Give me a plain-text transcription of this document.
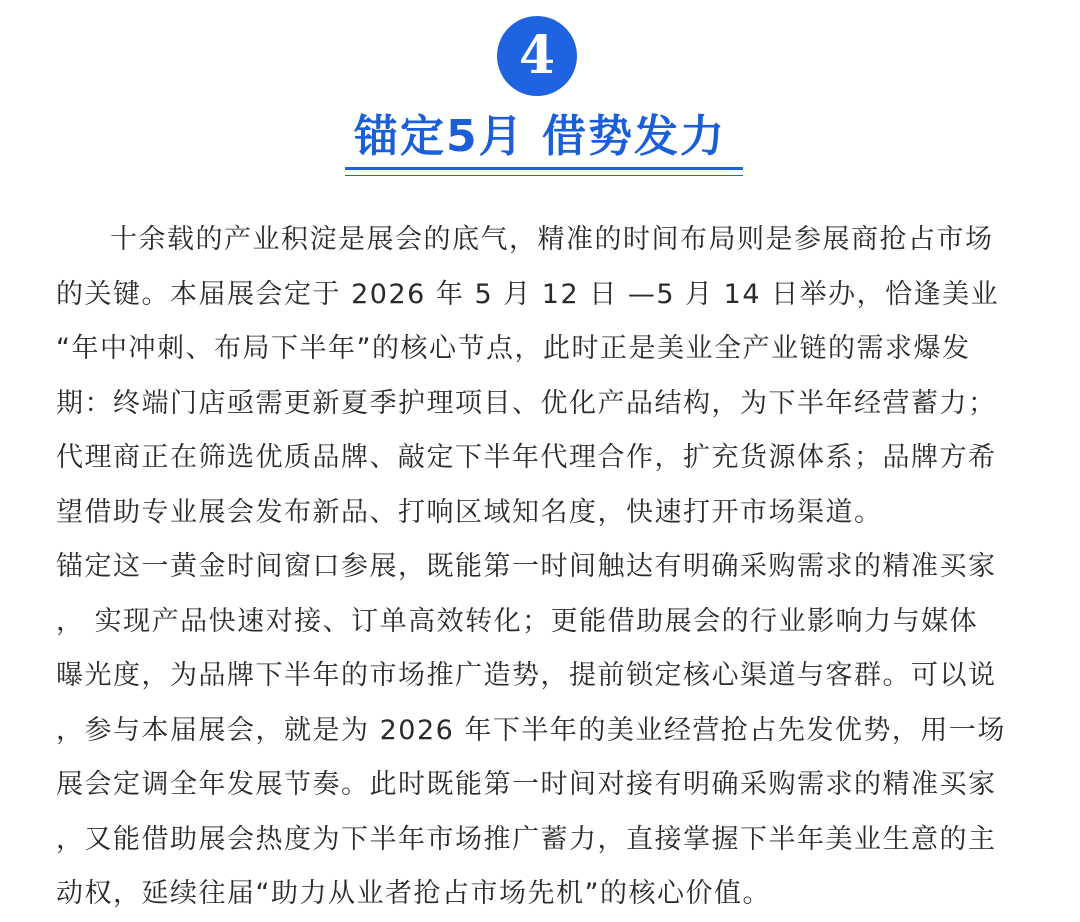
4
锚定5月 借势发力
十余载的产业积淀是展会的底气，精准的时间布局则是参展商抢占市场
的关键。本届展会定于 2026 年 5 月 12 日 —5 月 14 日举办，恰逢美业
“年中冲刺、布局下半年”的核心节点，此时正是美业全产业链的需求爆发
期：终端门店亟需更新夏季护理项目、优化产品结构，为下半年经营蓄力；
代理商正在筛选优质品牌、敲定下半年代理合作，扩充货源体系；品牌方希
望借助专业展会发布新品、打响区域知名度，快速打开市场渠道。
锚定这一黄金时间窗口参展，既能第一时间触达有明确采购需求的精准买家
， 实现产品快速对接、订单高效转化；更能借助展会的行业影响力与媒体
曝光度，为品牌下半年的市场推广造势，提前锁定核心渠道与客群。可以说
，参与本届展会，就是为 2026 年下半年的美业经营抢占先发优势，用一场
展会定调全年发展节奏。此时既能第一时间对接有明确采购需求的精准买家
，又能借助展会热度为下半年市场推广蓄力，直接掌握下半年美业生意的主
动权，延续往届“助力从业者抢占市场先机”的核心价值。
